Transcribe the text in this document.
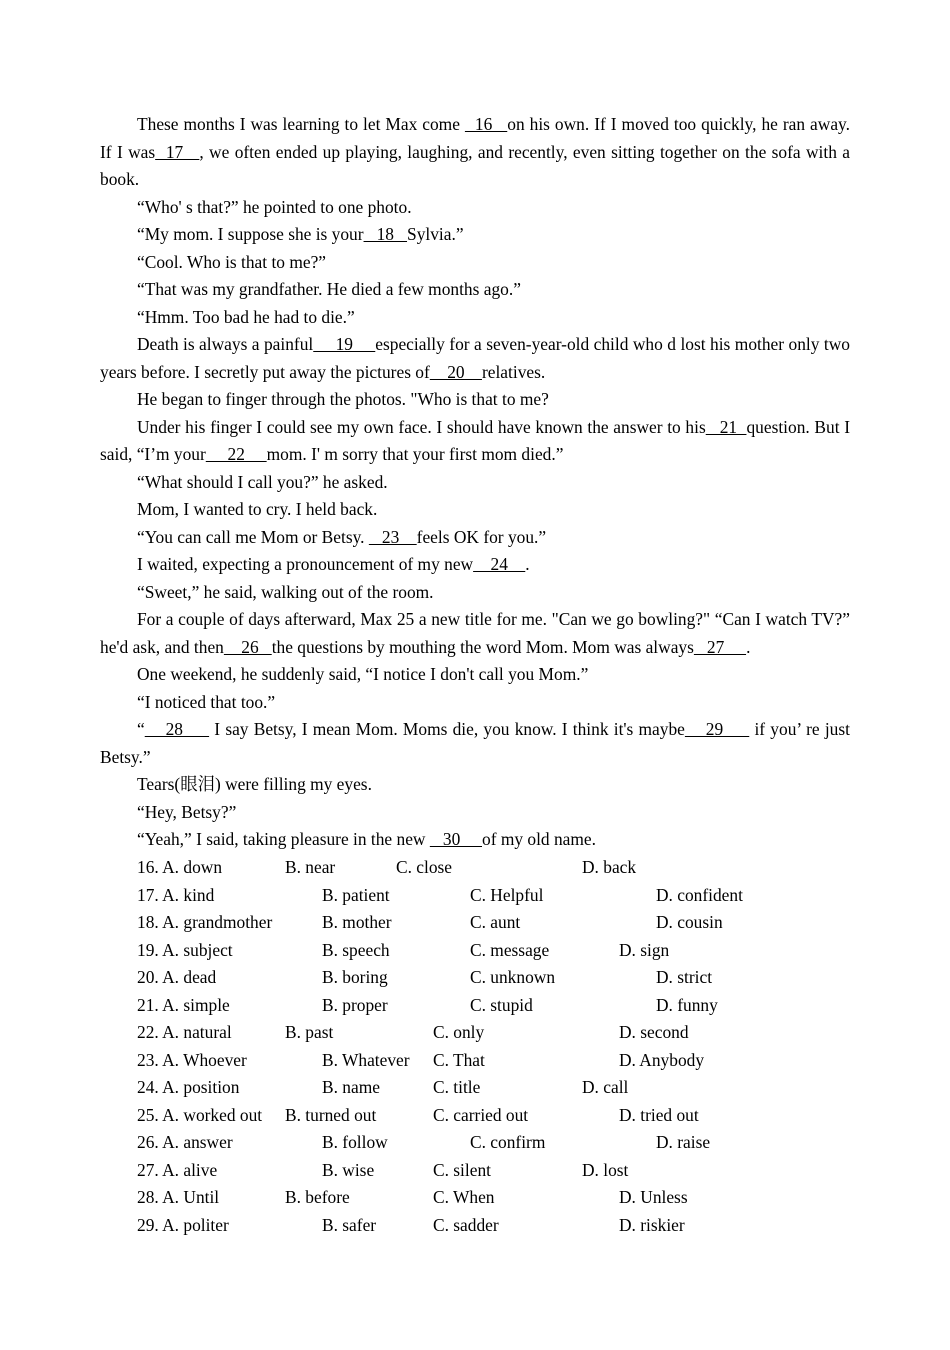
These months I was learning to let Max come   16   on his own. If I moved too quickly, he ran away. If I was  17   , we often ended up playing, laughing, and recently, even sitting together on the sofa with a book.

“Who' s that?” he pointed to one photo.

“My mom. I suppose she is your   18   Sylvia.”

“Cool. Who is that to me?”

“That was my grandfather. He died a few months ago.”

“Hmm. Too bad he had to die.”

Death is always a painful     19     especially for a seven-year-old child who d lost his mother only two years before. I secretly put away the pictures of    20    relatives.

He began to finger through the photos. "Who is that to me?

Under his finger I could see my own face. I should have known the answer to his   21  question. But I said, “I’m your     22     mom. I' m sorry that your first mom died.”

“What should I call you?” he asked.

Mom, I wanted to cry. I held back.

“You can call me Mom or Betsy.    23    feels OK for you.”

I waited, expecting a pronouncement of my new    24    .

“Sweet,” he said, walking out of the room.

For a couple of days afterward, Max 25 a new title for me. "Can we go bowling?" “Can I watch TV?” he'd ask, and then    26   the questions by mouthing the word Mom. Mom was always   27     .

One weekend, he suddenly said, “I notice I don't call you Mom.”

“I noticed that too.”

“    28      I say Betsy, I mean Mom. Moms die, you know. I think it's maybe    29      if you’ re just Betsy.”

Tears(眼泪) were filling my eyes.

“Hey, Betsy?”

“Yeah,” I said, taking pleasure in the new    30     of my old name.

16. A. down	B. near	C. close	D. back
17. A. kind	B. patient	C. Helpful	D. confident
18. A. grandmother	B. mother	C. aunt	D. cousin
19. A. subject	B. speech	C. message	D. sign
20. A. dead	B. boring	C. unknown	D. strict
21. A. simple	B. proper	C. stupid	D. funny
22. A. natural	B. past	C. only	D. second
23. A. Whoever	B. Whatever C. That	D. Anybody
24. A. position	B. name	C. title	D. call
25. A. worked out B. turned out	C. carried out	D. tried out
26. A. answer	B. follow	C. confirm	D. raise
27. A. alive	B. wise	C. silent	D. lost
28. A. Until	B. before	C. When	D. Unless
29. A. politer	B. safer	C. sadder	D. riskier
